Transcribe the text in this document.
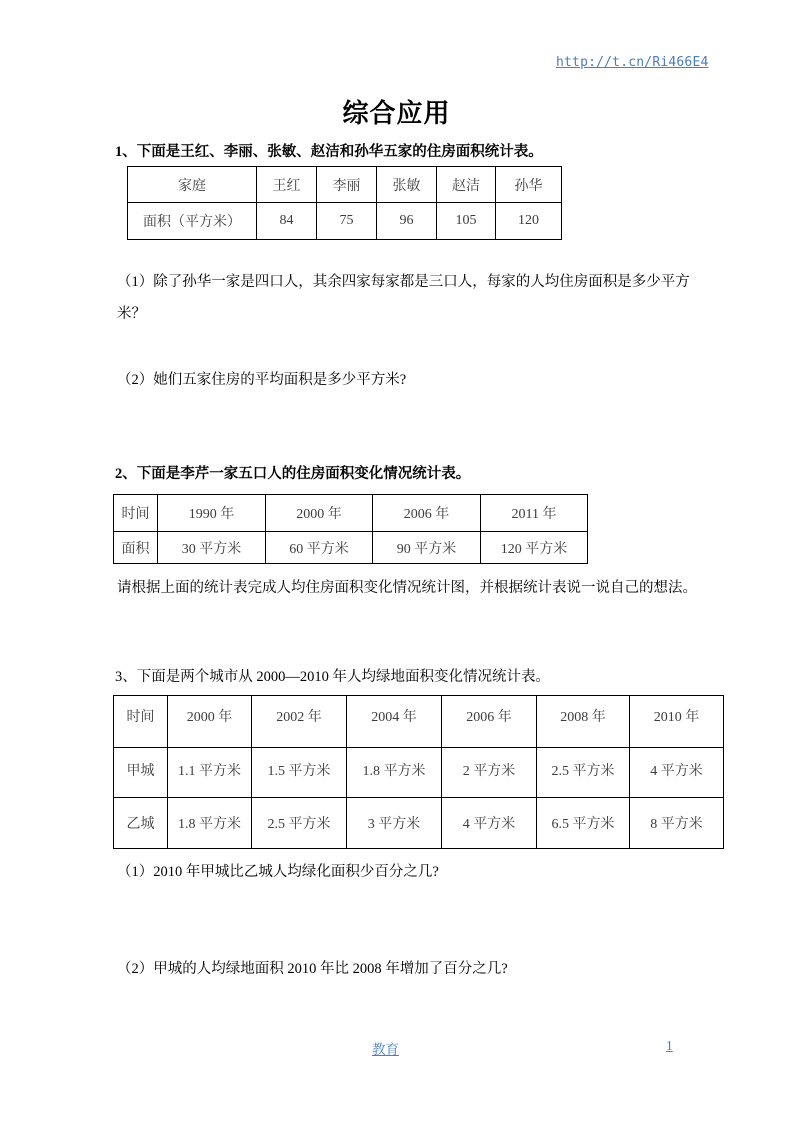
http://t.cn/Ri466E4
综合应用

1、下面是王红、李丽、张敏、赵洁和孙华五家的住房面积统计表。

家庭	王红	李丽	张敏	赵洁	孙华
面积（平方米）	84	75	96	105	120

（1）除了孙华一家是四口人，其余四家每家都是三口人，每家的人均住房面积是多少平方米？

（2）她们五家住房的平均面积是多少平方米?

2、下面是李芹一家五口人的住房面积变化情况统计表。

时间	1990 年	2000 年	2006 年	2011 年
面积	30 平方米	60 平方米	90 平方米	120 平方米

请根据上面的统计表完成人均住房面积变化情况统计图，并根据统计表说一说自己的想法。

3、下面是两个城市从 2000—2010 年人均绿地面积变化情况统计表。

时间	2000 年	2002 年	2004 年	2006 年	2008 年	2010 年
甲城	1.1 平方米	1.5 平方米	1.8 平方米	2 平方米	2.5 平方米	4 平方米
乙城	1.8 平方米	2.5 平方米	3 平方米	4 平方米	6.5 平方米	8 平方米

（1）2010 年甲城比乙城人均绿化面积少百分之几?

（2）甲城的人均绿地面积 2010 年比 2008 年增加了百分之几?

教育	1
